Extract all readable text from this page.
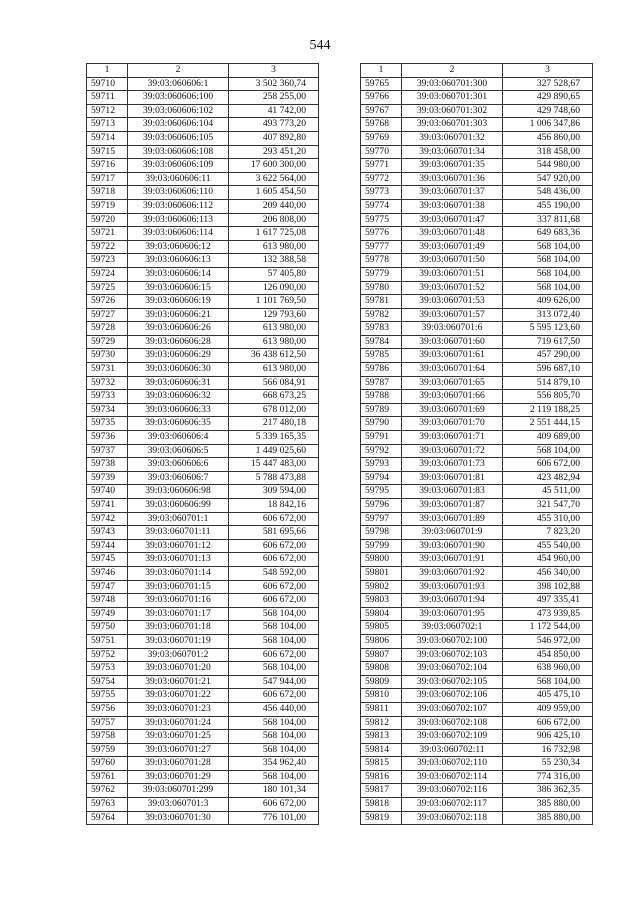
544
1	2	3
59710	39:03:060606:1	3 502 360,74
59711	39:03:060606:100	258 255,00
59712	39:03:060606:102	41 742,00
59713	39:03:060606:104	493 773,20
59714	39:03:060606:105	407 892,80
59715	39:03:060606:108	293 451,20
59716	39:03:060606:109	17 600 300,00
59717	39:03:060606:11	3 622 564,00
59718	39:03:060606:110	1 605 454,50
59719	39:03:060606:112	209 440,00
59720	39:03:060606:113	206 808,00
59721	39:03:060606:114	1 617 725,08
59722	39:03:060606:12	613 980,00
59723	39:03:060606:13	132 388,58
59724	39:03:060606:14	57 405,80
59725	39:03:060606:15	126 090,00
59726	39:03:060606:19	1 101 769,50
59727	39:03:060606:21	129 793,60
59728	39:03:060606:26	613 980,00
59729	39:03:060606:28	613 980,00
59730	39:03:060606:29	36 438 612,50
59731	39:03:060606:30	613 980,00
59732	39:03:060606:31	566 084,91
59733	39:03:060606:32	668 673,25
59734	39:03:060606:33	678 012,00
59735	39:03:060606:35	217 480,18
59736	39:03:060606:4	5 339 165,35
59737	39:03:060606:5	1 449 025,60
59738	39:03:060606:6	15 447 483,00
59739	39:03:060606:7	5 788 473,88
59740	39:03:060606:98	309 594,00
59741	39:03:060606:99	18 842,16
59742	39:03:060701:1	606 672,00
59743	39:03:060701:11	581 695,66
59744	39:03:060701:12	606 672,00
59745	39:03:060701:13	606 672,00
59746	39:03:060701:14	548 592,00
59747	39:03:060701:15	606 672,00
59748	39:03:060701:16	606 672,00
59749	39:03:060701:17	568 104,00
59750	39:03:060701:18	568 104,00
59751	39:03:060701:19	568 104,00
59752	39:03:060701:2	606 672,00
59753	39:03:060701:20	568 104,00
59754	39:03:060701:21	547 944,00
59755	39:03:060701:22	606 672,00
59756	39:03:060701:23	456 440,00
59757	39:03:060701:24	568 104,00
59758	39:03:060701:25	568 104,00
59759	39:03:060701:27	568 104,00
59760	39:03:060701:28	354 962,40
59761	39:03:060701:29	568 104,00
59762	39:03:060701:299	180 101,34
59763	39:03:060701:3	606 672,00
59764	39:03:060701:30	776 101,00
1	2	3
59765	39:03:060701:300	327 528,67
59766	39:03:060701:301	429 890,65
59767	39:03:060701:302	429 748,60
59768	39:03:060701:303	1 006 347,86
59769	39:03:060701:32	456 860,00
59770	39:03:060701:34	318 458,00
59771	39:03:060701:35	544 980,00
59772	39:03:060701:36	547 920,00
59773	39:03:060701:37	548 436,00
59774	39:03:060701:38	455 190,00
59775	39:03:060701:47	337 811,68
59776	39:03:060701:48	649 683,36
59777	39:03:060701:49	568 104,00
59778	39:03:060701:50	568 104,00
59779	39:03:060701:51	568 104,00
59780	39:03:060701:52	568 104,00
59781	39:03:060701:53	409 626,00
59782	39:03:060701:57	313 072,40
59783	39:03:060701:6	5 595 123,60
59784	39:03:060701:60	719 617,50
59785	39:03:060701:61	457 290,00
59786	39:03:060701:64	596 687,10
59787	39:03:060701:65	514 879,10
59788	39:03:060701:66	556 805,70
59789	39:03:060701:69	2 119 188,25
59790	39:03:060701:70	2 551 444,15
59791	39:03:060701:71	409 689,00
59792	39:03:060701:72	568 104,00
59793	39:03:060701:73	606 672,00
59794	39:03:060701:81	423 482,94
59795	39:03:060701:83	45 511,00
59796	39:03:060701:87	321 547,70
59797	39:03:060701:89	455 310,00
59798	39:03:060701:9	7 823,20
59799	39:03:060701:90	455 540,00
59800	39:03:060701:91	454 960,00
59801	39:03:060701:92	456 340,00
59802	39:03:060701:93	398 102,88
59803	39:03:060701:94	497 335,41
59804	39:03:060701:95	473 939,85
59805	39:03:060702:1	1 172 544,00
59806	39:03:060702:100	546 972,00
59807	39:03:060702:103	454 850,00
59808	39:03:060702:104	638 960,00
59809	39:03:060702:105	568 104,00
59810	39:03:060702:106	405 475,10
59811	39:03:060702:107	409 959,00
59812	39:03:060702:108	606 672,00
59813	39:03:060702:109	906 425,10
59814	39:03:060702:11	16 732,98
59815	39:03:060702:110	55 230,34
59816	39:03:060702:114	774 316,00
59817	39:03:060702:116	386 362,35
59818	39:03:060702:117	385 880,00
59819	39:03:060702:118	385 880,00
